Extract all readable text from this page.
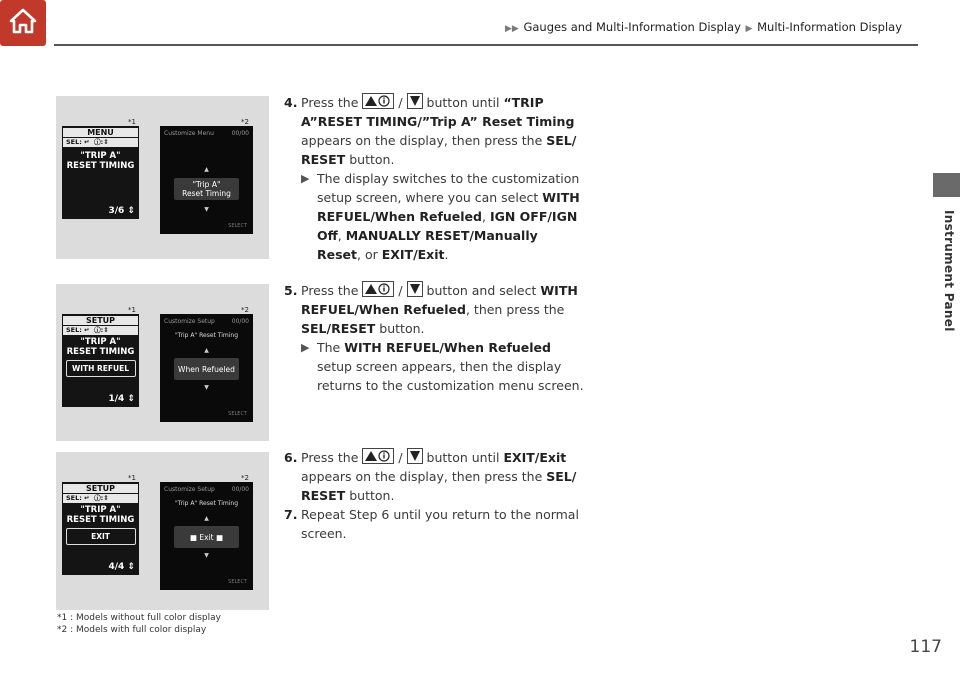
▶▶ Gauges and Multi-Information Display ▶ Multi-Information Display
Instrument Panel
*1	*2
MENU
SEL: ↵ ⓘ:⇕
"TRIP A"
RESET TIMING
3/6 ⇕
Customize Menu	00/00
▲
"Trip A"
Reset Timing
▼
SELECT
*1	*2
SETUP
SEL: ↵ ⓘ:⇕
"TRIP A"
RESET TIMING
WITH REFUEL
1/4 ⇕
Customize Setup	00/00
"Trip A" Reset Timing
▲
When Refueled
▼
SELECT
*1	*2
SETUP
SEL: ↵ ⓘ:⇕
"TRIP A"
RESET TIMING
EXIT
4/4 ⇕
Customize Setup	00/00
"Trip A" Reset Timing
▲
■ Exit ■
▼
SELECT
4. Press the	/ button until “TRIP A”RESET TIMING/”Trip A” Reset Timing appears on the display, then press the SEL/ RESET button.
▶ The display switches to the customization setup screen, where you can select WITH REFUEL/When Refueled, IGN OFF/IGN Off, MANUALLY RESET/Manually Reset, or EXIT/Exit.
5. Press the	/ button and select WITH REFUEL/When Refueled, then press the SEL/RESET button.
▶ The WITH REFUEL/When Refueled setup screen appears, then the display returns to the customization menu screen.
6. Press the	/ button until EXIT/Exit appears on the display, then press the SEL/ RESET button.
7. Repeat Step 6 until you return to the normal screen.
*1 : Models without full color display
*2 : Models with full color display
117
